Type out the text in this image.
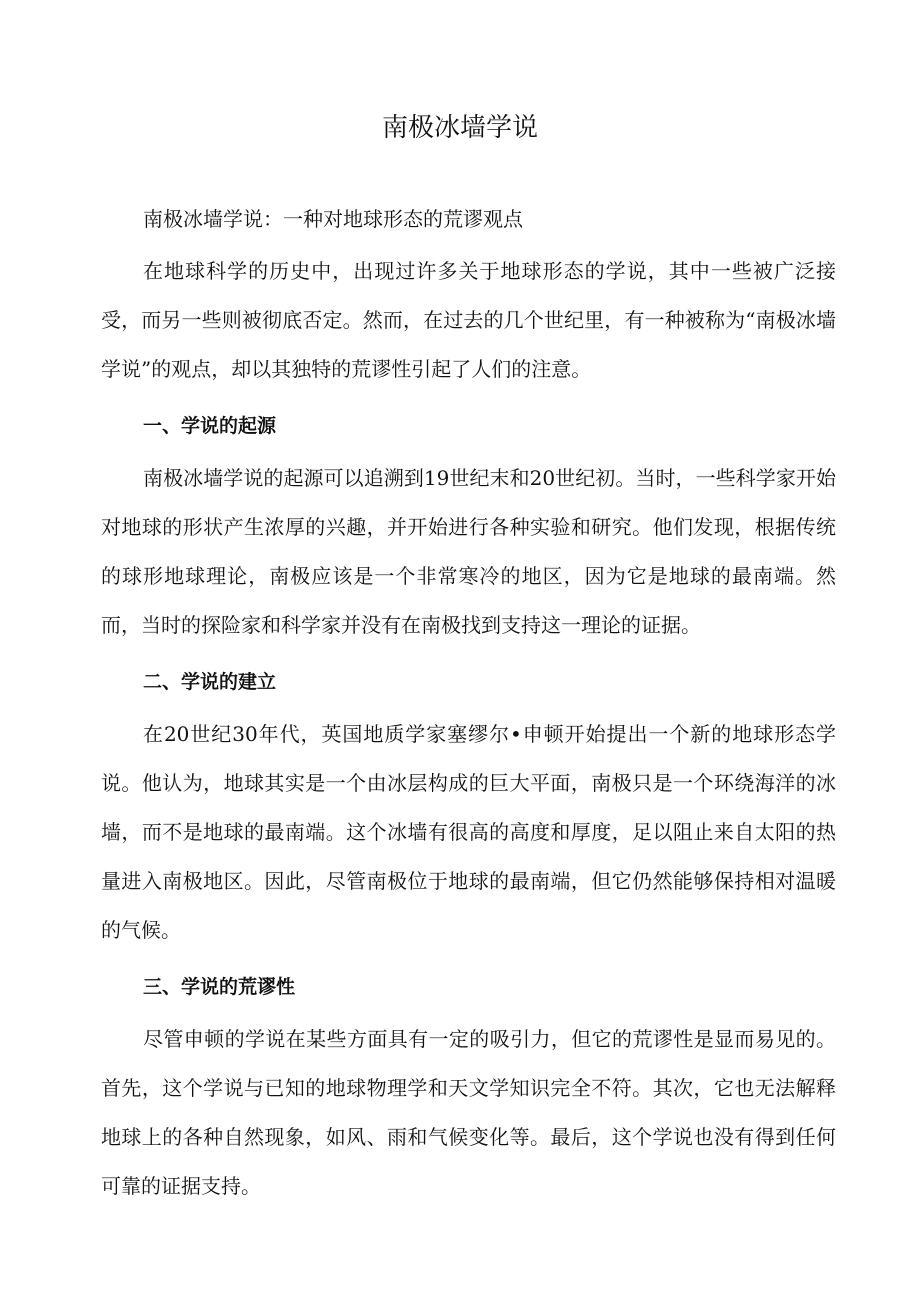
南极冰墙学说

南极冰墙学说：一种对地球形态的荒谬观点

在地球科学的历史中，出现过许多关于地球形态的学说，其中一些被广泛接受，而另一些则被彻底否定。然而，在过去的几个世纪里，有一种被称为“南极冰墙学说”的观点，却以其独特的荒谬性引起了人们的注意。

一、学说的起源

南极冰墙学说的起源可以追溯到19世纪末和20世纪初。当时，一些科学家开始对地球的形状产生浓厚的兴趣，并开始进行各种实验和研究。他们发现，根据传统的球形地球理论，南极应该是一个非常寒冷的地区，因为它是地球的最南端。然而，当时的探险家和科学家并没有在南极找到支持这一理论的证据。

二、学说的建立

在20世纪30年代，英国地质学家塞缪尔•申顿开始提出一个新的地球形态学说。他认为，地球其实是一个由冰层构成的巨大平面，南极只是一个环绕海洋的冰墙，而不是地球的最南端。这个冰墙有很高的高度和厚度，足以阻止来自太阳的热量进入南极地区。因此，尽管南极位于地球的最南端，但它仍然能够保持相对温暖的气候。

三、学说的荒谬性

尽管申顿的学说在某些方面具有一定的吸引力，但它的荒谬性是显而易见的。首先，这个学说与已知的地球物理学和天文学知识完全不符。其次，它也无法解释地球上的各种自然现象，如风、雨和气候变化等。最后，这个学说也没有得到任何可靠的证据支持。
